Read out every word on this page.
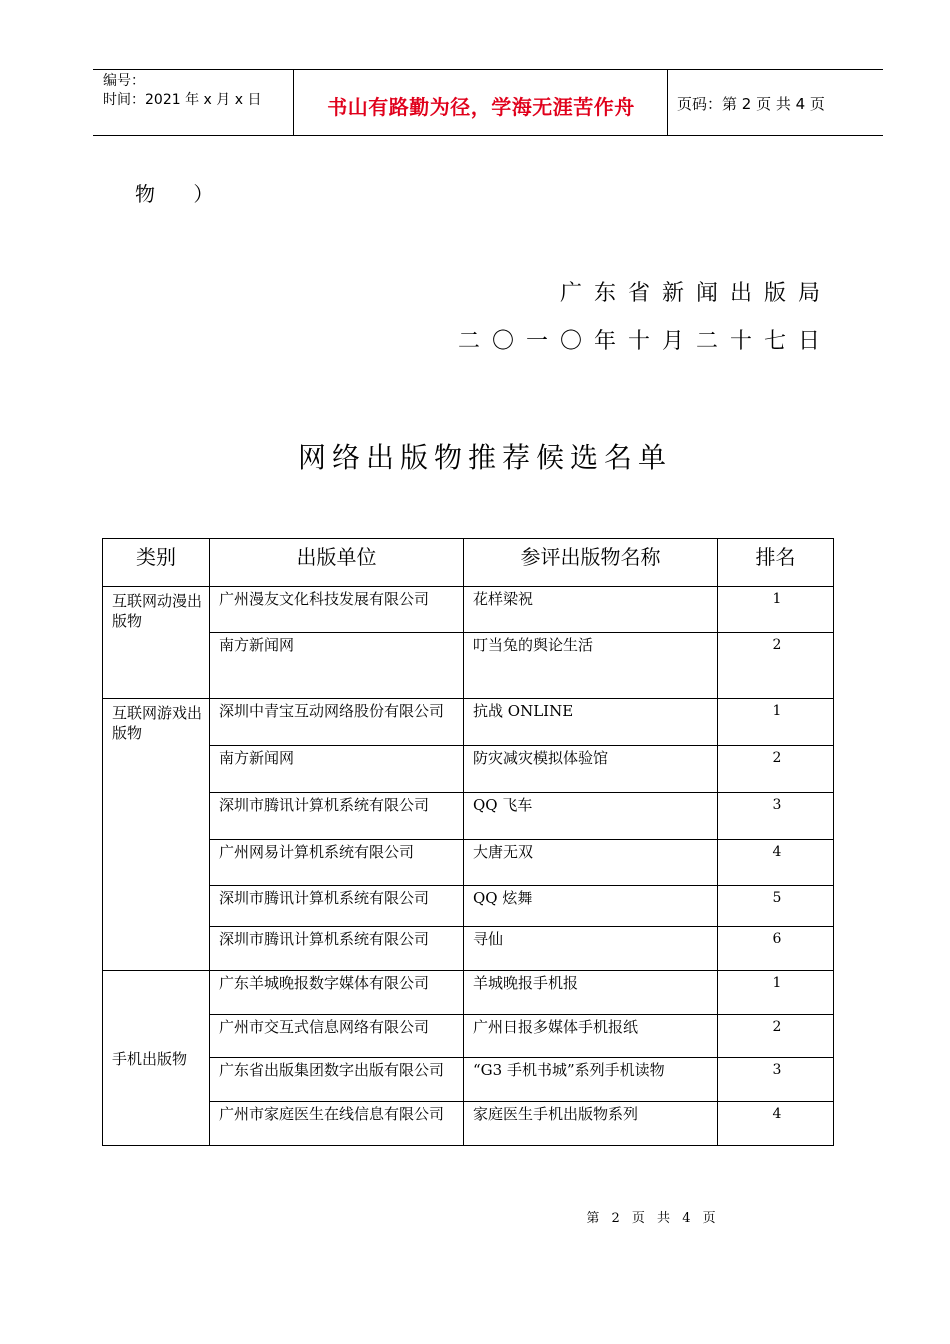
编号：
时间：2021 年 x 月 x 日	书山有路勤为径，学海无涯苦作舟	页码：第 2 页 共 4 页
物 ）
广东省新闻出版局
二〇一〇年十月二十七日
网络出版物推荐候选名单
类别	出版单位	参评出版物名称	排名
互联网动漫出版物	广州漫友文化科技发展有限公司	花样梁祝	1
	南方新闻网	叮当兔的舆论生活	2
互联网游戏出版物	深圳中青宝互动网络股份有限公司	抗战 ONLINE	1
	南方新闻网	防灾减灾模拟体验馆	2
	深圳市腾讯计算机系统有限公司	QQ 飞车	3
	广州网易计算机系统有限公司	大唐无双	4
	深圳市腾讯计算机系统有限公司	QQ 炫舞	5
	深圳市腾讯计算机系统有限公司	寻仙	6
手机出版物	广东羊城晚报数字媒体有限公司	羊城晚报手机报	1
	广州市交互式信息网络有限公司	广州日报多媒体手机报纸	2
	广东省出版集团数字出版有限公司	“G3 手机书城”系列手机读物	3
	广州市家庭医生在线信息有限公司	家庭医生手机出版物系列	4
第 2 页 共 4 页
